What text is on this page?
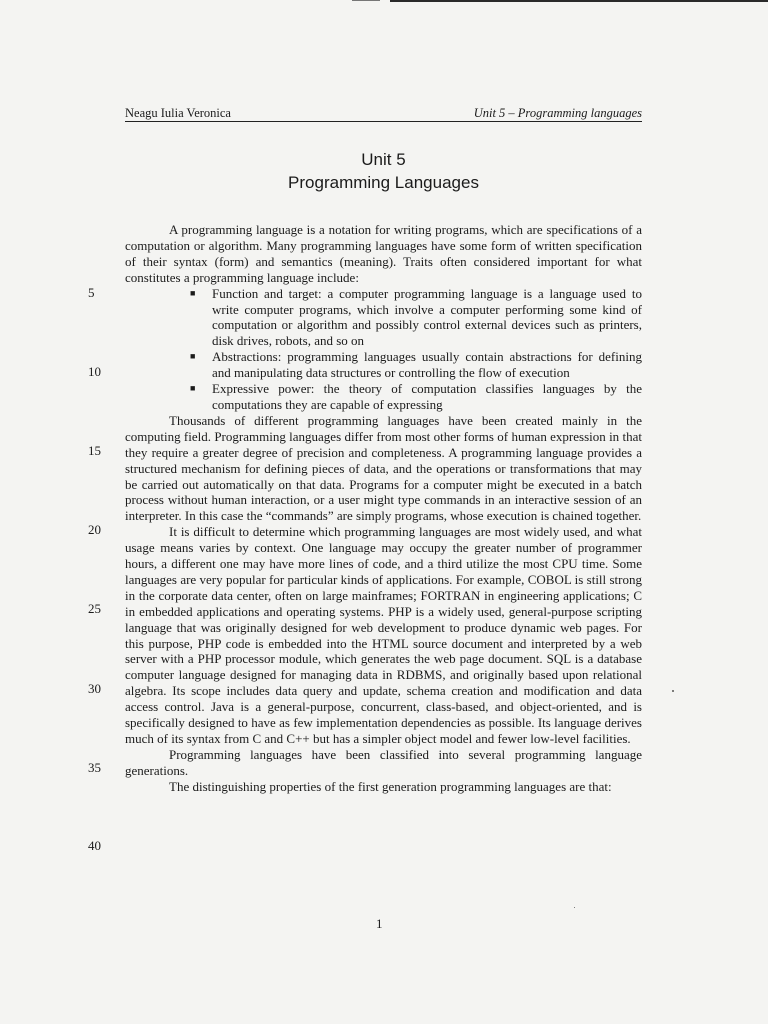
Neagu Iulia Veronica	Unit 5 – Programming languages
Unit 5
Programming Languages

A programming language is a notation for writing programs, which are specifications of a computation or algorithm. Many programming languages have some form of written specification of their syntax (form) and semantics (meaning). Traits often considered important for what constitutes a programming language include:

■ Function and target: a computer programming language is a language used to write computer programs, which involve a computer performing some kind of computation or algorithm and possibly control external devices such as printers, disk drives, robots, and so on
■ Abstractions: programming languages usually contain abstractions for defining and manipulating data structures or controlling the flow of execution
■ Expressive power: the theory of computation classifies languages by the computations they are capable of expressing

Thousands of different programming languages have been created mainly in the computing field. Programming languages differ from most other forms of human expression in that they require a greater degree of precision and completeness. A programming language provides a structured mechanism for defining pieces of data, and the operations or transformations that may be carried out automatically on that data. Programs for a computer might be executed in a batch process without human interaction, or a user might type commands in an interactive session of an interpreter. In this case the “commands” are simply programs, whose execution is chained together.

It is difficult to determine which programming languages are most widely used, and what usage means varies by context. One language may occupy the greater number of programmer hours, a different one may have more lines of code, and a third utilize the most CPU time. Some languages are very popular for particular kinds of applications. For example, COBOL is still strong in the corporate data center, often on large mainframes; FORTRAN in engineering applications; C in embedded applications and operating systems. PHP is a widely used, general-purpose scripting language that was originally designed for web development to produce dynamic web pages. For this purpose, PHP code is embedded into the HTML source document and interpreted by a web server with a PHP processor module, which generates the web page document. SQL is a database computer language designed for managing data in RDBMS, and originally based upon relational algebra. Its scope includes data query and update, schema creation and modification and data access control. Java is a general-purpose, concurrent, class-based, and object-oriented, and is specifically designed to have as few implementation dependencies as possible. Its language derives much of its syntax from C and C++ but has a simpler object model and fewer low-level facilities.

Programming languages have been classified into several programming language generations.

The distinguishing properties of the first generation programming languages are that:

5
10
15
20
25
30
35
40
1
